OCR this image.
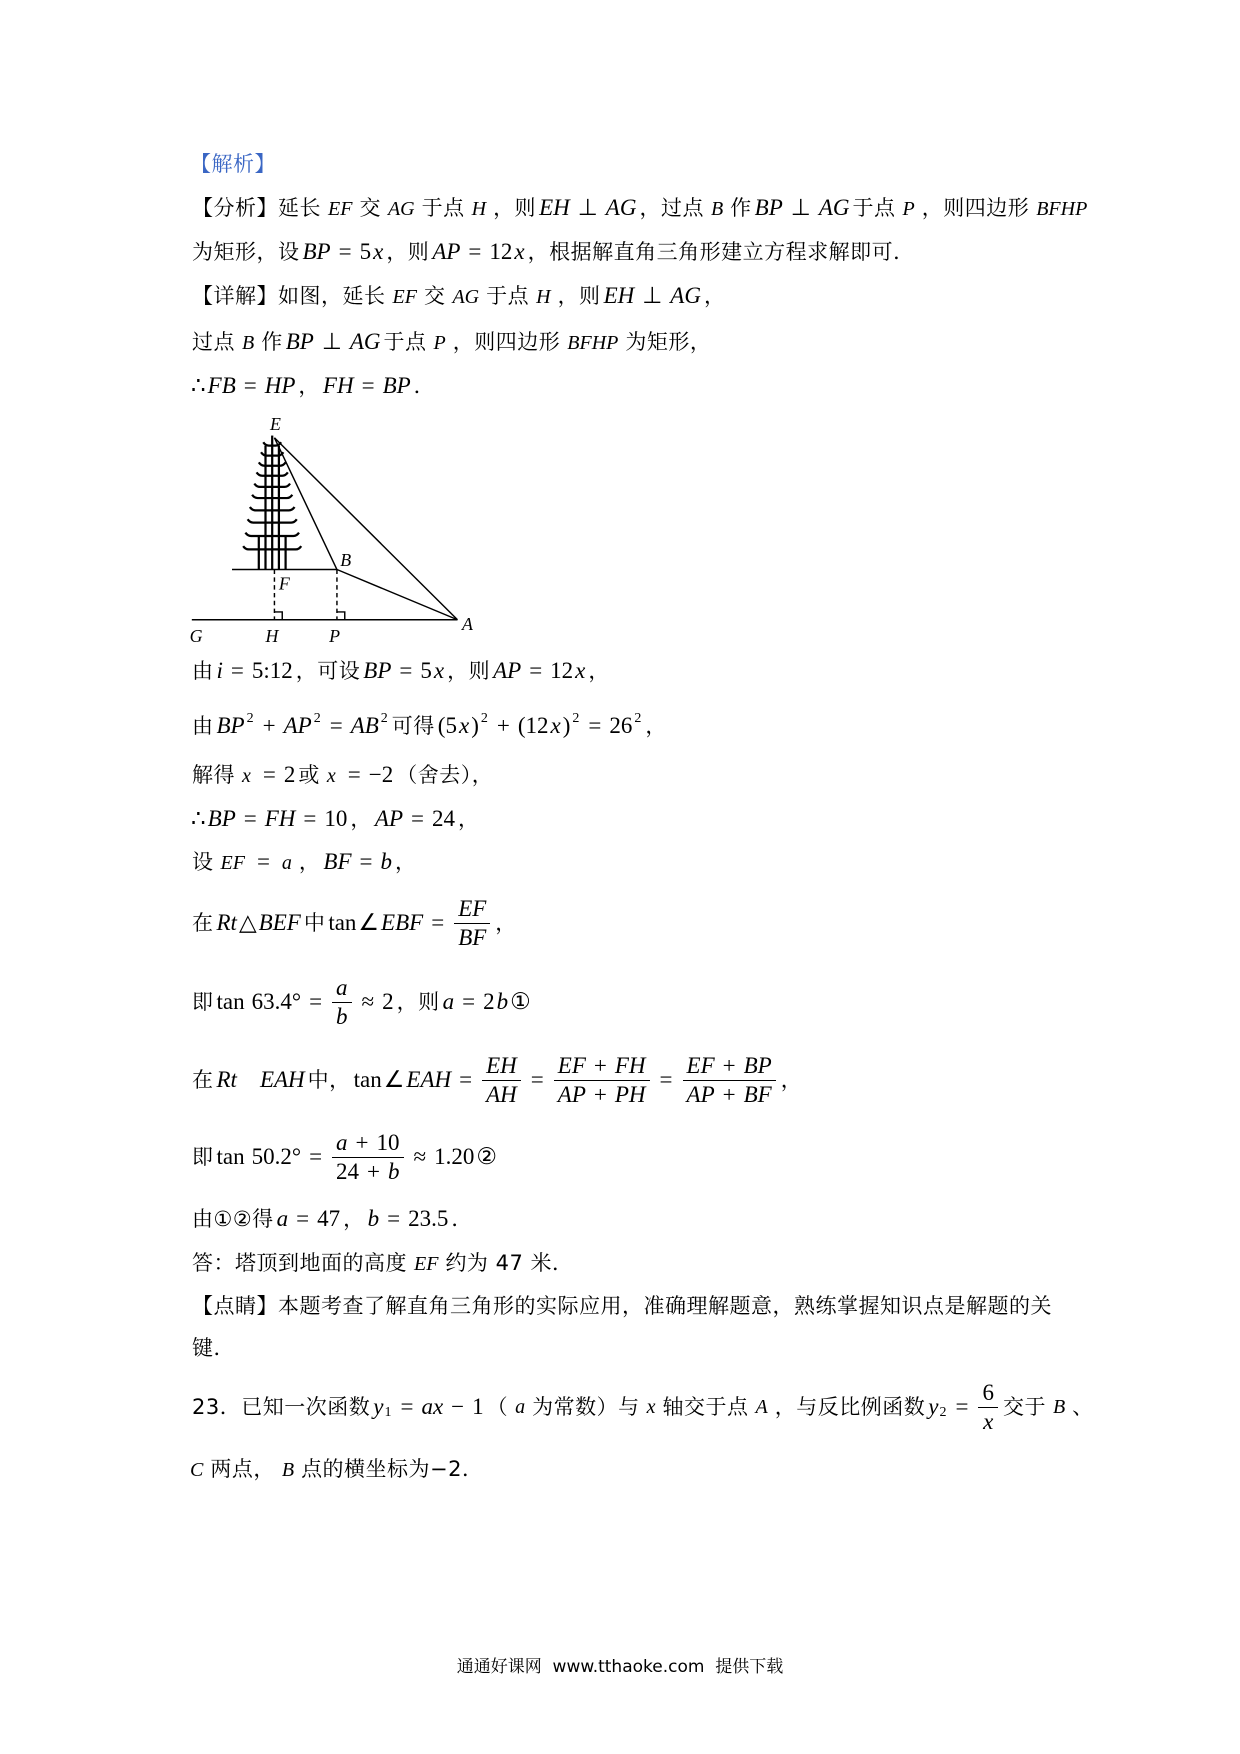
【解析】
【分析】延长 EF 交 AG 于点 H ，则 EH ⊥ AG ，过点 B 作 BP ⊥ AG 于点 P ，则四边形 BFHP
为矩形，设 BP = 5 x ，则 AP = 12 x ，根据解直角三角形建立方程求解即可．
【详解】如图，延长 EF 交 AG 于点 H ，则 EH ⊥ AG ，
过点 B 作 BP ⊥ AG 于点 P ，则四边形 BFHP 为矩形，
∴ FB = HP ， FH = BP ．
E
B
F
G	H	P
A
由 i = 5:12 ，可设 BP = 5 x ，则 AP = 12 x ，
由 BP 2 + AP 2 = AB 2 可得 (5 x ) 2 + (12 x ) 2 = 26 2 ，
解得 x = 2 或 x = −2 （舍去），
∴ BP = FH = 10 ， AP = 24 ，
设 EF = a ， BF = b ，
在 Rt △ BEF 中 tan ∠ EBF = $\frac{EF}{BF}$ ，
即 $\tan 63.4^\circ = \frac{a}{b} \approx 2$ ，则 a = 2 b ①
在 Rt EAH 中， tan ∠ EAH = $\frac{EH}{AH} = \frac{EF + FH}{AP + PH} = \frac{EF + BP}{AP + BF}$ ，
即 $\tan 50.2^\circ = \frac{a + 10}{24 + b} \approx 1.20$ ②
由①②得 a = 47 ， b = 23.5 ．
答：塔顶到地面的高度 EF 约为 47 米．
【点睛】本题考查了解直角三角形的实际应用，准确理解题意，熟练掌握知识点是解题的关
键．
23．已知一次函数 y 1 = ax − 1 （ a 为常数）与 x 轴交于点 A ，与反比例函数 y $2 = \frac{6}{x}$ 交于 B 、
C 两点， B 点的横坐标为−2．
通通好课网  www.tthaoke.com  提供下载
